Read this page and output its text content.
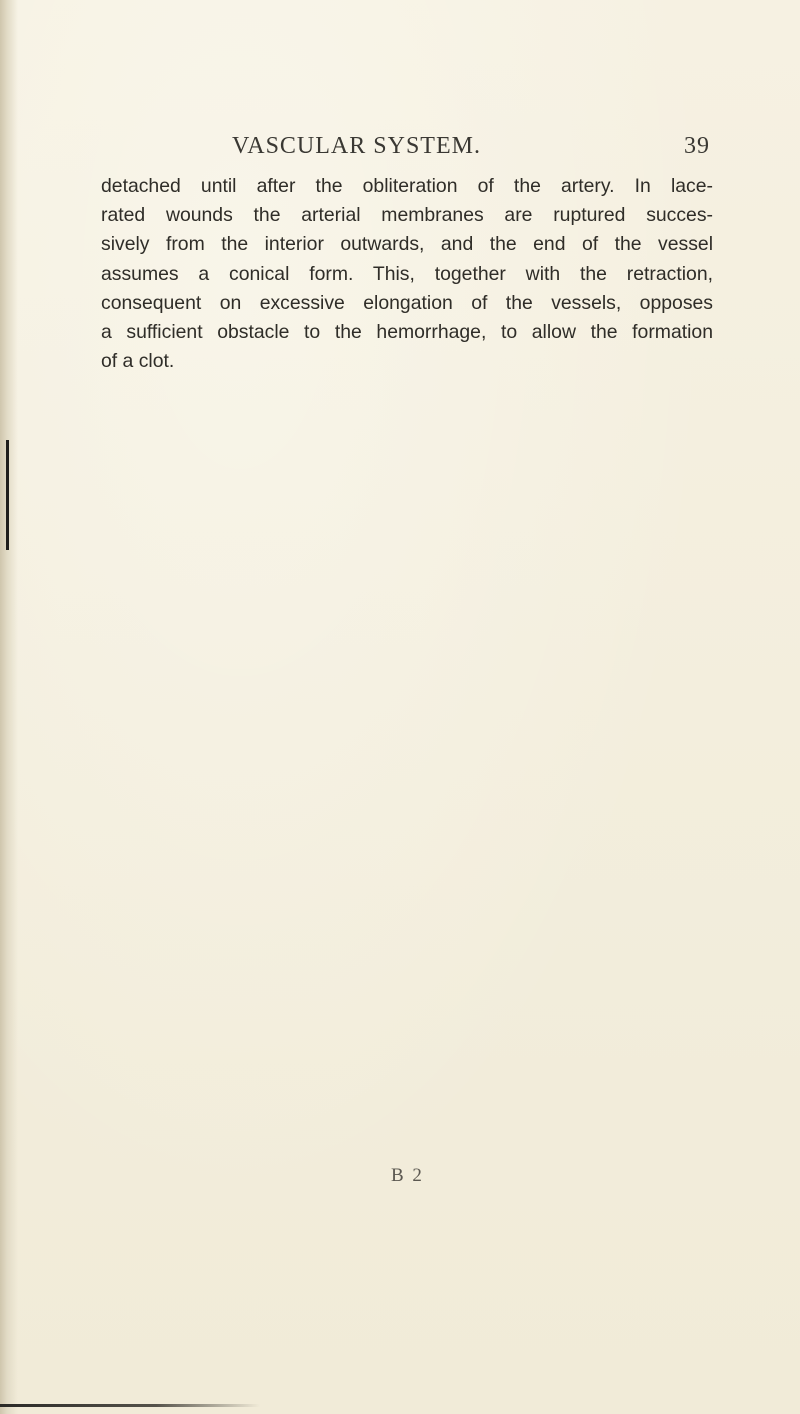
VASCULAR SYSTEM.	39
detached until after the obliteration of the artery. In lace-
rated wounds the arterial membranes are ruptured succes-
sively from the interior outwards, and the end of the vessel
assumes a conical form. This, together with the retraction,
consequent on excessive elongation of the vessels, opposes
a sufficient obstacle to the hemorrhage, to allow the formation
of a clot.
B 2
